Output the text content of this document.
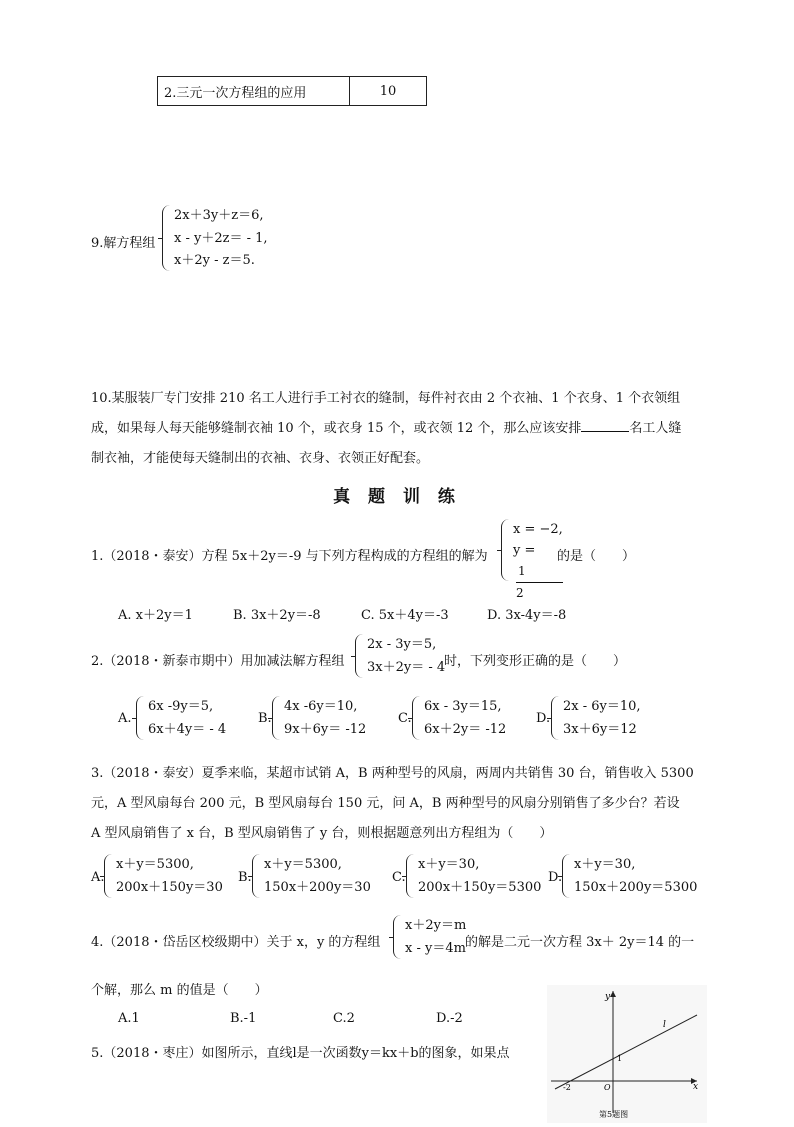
2.三元一次方程组的应用	10
9.解方程组
2x＋3y＋z＝6,
x - y＋2z＝ - 1,
x＋2y - z＝5.
10.某服装厂专门安排 210 名工人进行手工衬衣的缝制，每件衬衣由 2 个衣袖、1 个衣身、1 个衣领组
成，如果每人每天能够缝制衣袖 10 个，或衣身 15 个，或衣领 12 个，那么应该安排	名工人缝
制衣袖，才能使每天缝制出的衣袖、衣身、衣领正好配套。
真 题 训 练
1.（2018・泰安）方程 5x＋2y＝-9 与下列方程构成的方程组的解为
x = −2,
y =
1
2
的是（　　）
A. x＋2y＝1	B. 3x＋2y＝-8	C. 5x＋4y＝-3	D. 3x-4y＝-8
2.（2018・新泰市期中）用加减法解方程组
2x - 3y＝5,
3x＋2y＝ - 4
时，下列变形正确的是（　　）
A.
6x -9y＝5,
6x＋4y＝ - 4
B.
4x -6y＝10,
9x＋6y＝ -12
C.
6x - 3y＝15,
6x＋2y＝ -12
D.
2x - 6y＝10,
3x＋6y＝12
3.（2018・泰安）夏季来临，某超市试销 A，B 两种型号的风扇，两周内共销售 30 台，销售收入 5300
元，A 型风扇每台 200 元，B 型风扇每台 150 元，问 A，B 两种型号的风扇分别销售了多少台？若设
A 型风扇销售了 x 台，B 型风扇销售了 y 台，则根据题意列出方程组为（　　）
A.
x＋y＝5300,
200x＋150y＝30
B.
x＋y＝5300,
150x＋200y＝30
C.
x＋y＝30,
200x＋150y＝5300
D.
x＋y＝30,
150x＋200y＝5300
4.（2018・岱岳区校级期中）关于 x，y 的方程组
x＋2y＝m
x - y＝4m 的解是二元一次方程 3x＋ 2y＝14 的一
个解，那么 m 的值是（　　）
A.1	B.-1	C.2	D.-2
5.（2018・枣庄）如图所示，直线l是一次函数y＝kx＋b的图象，如果点
y
x
l
O
-2
1
第5题图
